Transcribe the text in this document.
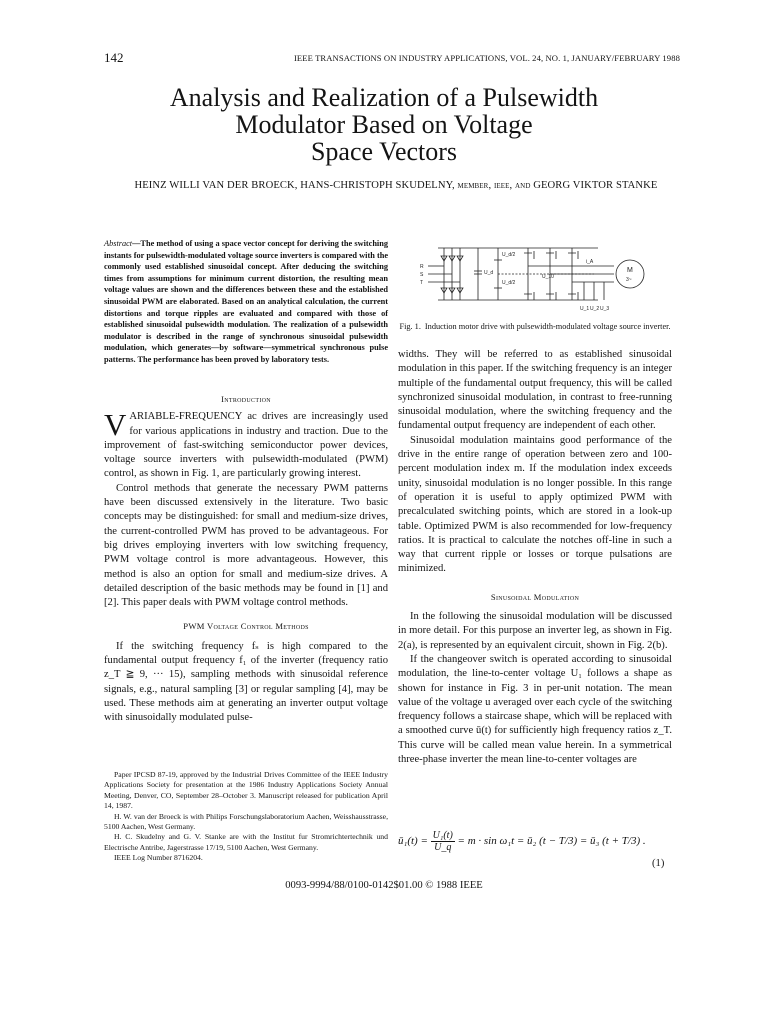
142	IEEE TRANSACTIONS ON INDUSTRY APPLICATIONS, VOL. 24, NO. 1, JANUARY/FEBRUARY 1988
Analysis and Realization of a Pulsewidth
Modulator Based on Voltage
Space Vectors
HEINZ WILLI VAN DER BROECK, HANS-CHRISTOPH SKUDELNY, member, ieee, and GEORG VIKTOR STANKE
Abstract—The method of using a space vector concept for deriving the switching instants for pulsewidth-modulated voltage source inverters is compared with the commonly used established sinusoidal concept. After deducing the switching times from assumptions for minimum current distortion, the resulting mean voltage values are shown and the differences between these and the established sinusoidal PWM are elaborated. Based on an analytical calculation, the current distortions and torque ripples are evaluated and compared with those of established sinusoidal pulsewidth modulation. The realization of a pulsewidth modulator is described in the range of synchronous sinusoidal pulsewidth modulation, which generates—by software—symmetrical synchronous pulse patterns. The performance has been proved by laboratory tests.
Introduction

VARIABLE-FREQUENCY ac drives are increasingly used for various applications in industry and traction. Due to the improvement of fast-switching semiconductor power devices, voltage source inverters with pulsewidth-modulated (PWM) control, as shown in Fig. 1, are particularly growing interest.

Control methods that generate the necessary PWM patterns have been discussed extensively in the literature. Two basic concepts may be distinguished: for small and medium-size drives, the current-controlled PWM has proved to be advantageous. For big drives employing inverters with low switching frequency, PWM voltage control is more advantageous. However, this method is also an option for small and medium-size drives. A detailed description of the basic methods may be found in [1] and [2]. This paper deals with PWM voltage control methods.

PWM Voltage Control Methods

If the switching frequency fₛ is high compared to the fundamental output frequency f₁ of the inverter (frequency ratio z_T ≧ 9, ··· 15), sampling methods with sinusoidal reference signals, e.g., natural sampling [3] or regular sampling [4], may be used. These methods aim at generating an inverter output voltage with sinusoidally modulated pulse-

Paper IPCSD 87-19, approved by the Industrial Drives Committee of the IEEE Industry Applications Society for presentation at the 1986 Industry Applications Society Annual Meeting, Denver, CO, September 28–October 3. Manuscript released for publication April 14, 1987.

H. W. van der Broeck is with Philips Forschungslaboratorium Aachen, Weisshausstrasse, 5100 Aachen, West Germany.

H. C. Skudelny and G. V. Stanke are with the Institut fur Stromrichtertechnik und Electrische Antribe, Jagerstrasse 17/19, 5100 Aachen, West Germany.

IEEE Log Number 8716204.

R
S
T
U_d
U_d/2
U_d/2
U_10
i_A
M
3~
U_1 U_2 U_3
Fig. 1. Induction motor drive with pulsewidth-modulated voltage source inverter.

widths. They will be referred to as established sinusoidal modulation in this paper. If the switching frequency is an integer multiple of the fundamental output frequency, this will be called synchronized sinusoidal modulation, in contrast to free-running sinusoidal modulation, where the switching frequency and the fundamental output frequency are independent of each other.

Sinusoidal modulation maintains good performance of the drive in the entire range of operation between zero and 100-percent modulation index m. If the modulation index exceeds unity, sinusoidal modulation is no longer possible. In this range of operation it is useful to apply optimized PWM with precalculated switching points, which are stored in a look-up table. Optimized PWM is also recommended for low-frequency ratios. It is practical to calculate the notches off-line in such a way that current ripple or losses or torque pulsations are minimized.

Sinusoidal Modulation

In the following the sinusoidal modulation will be discussed in more detail. For this purpose an inverter leg, as shown in Fig. 2(a), is represented by an equivalent circuit, shown in Fig. 2(b).

If the changeover switch is operated according to sinusoidal modulation, the line-to-center voltage U₁ follows a shape as shown for instance in Fig. 3 in per-unit notation. The mean value of the voltage u averaged over each cycle of the switching frequency follows a staircase shape, which will be replaced with a smoothed curve ū(t) for sufficiently high frequency ratios z_T. This curve will be called mean value herein. In a symmetrical three-phase inverter the mean line-to-center voltages are

ū₁(t) = $\frac{\text{U₁(t)}}{U\_q} = m \cdot \sin \omega_1t$ = ū₂ (t − T/3) = ū₃ (t + T/3) .
(1)
0093-9994/88/0100-0142$01.00 © 1988 IEEE
